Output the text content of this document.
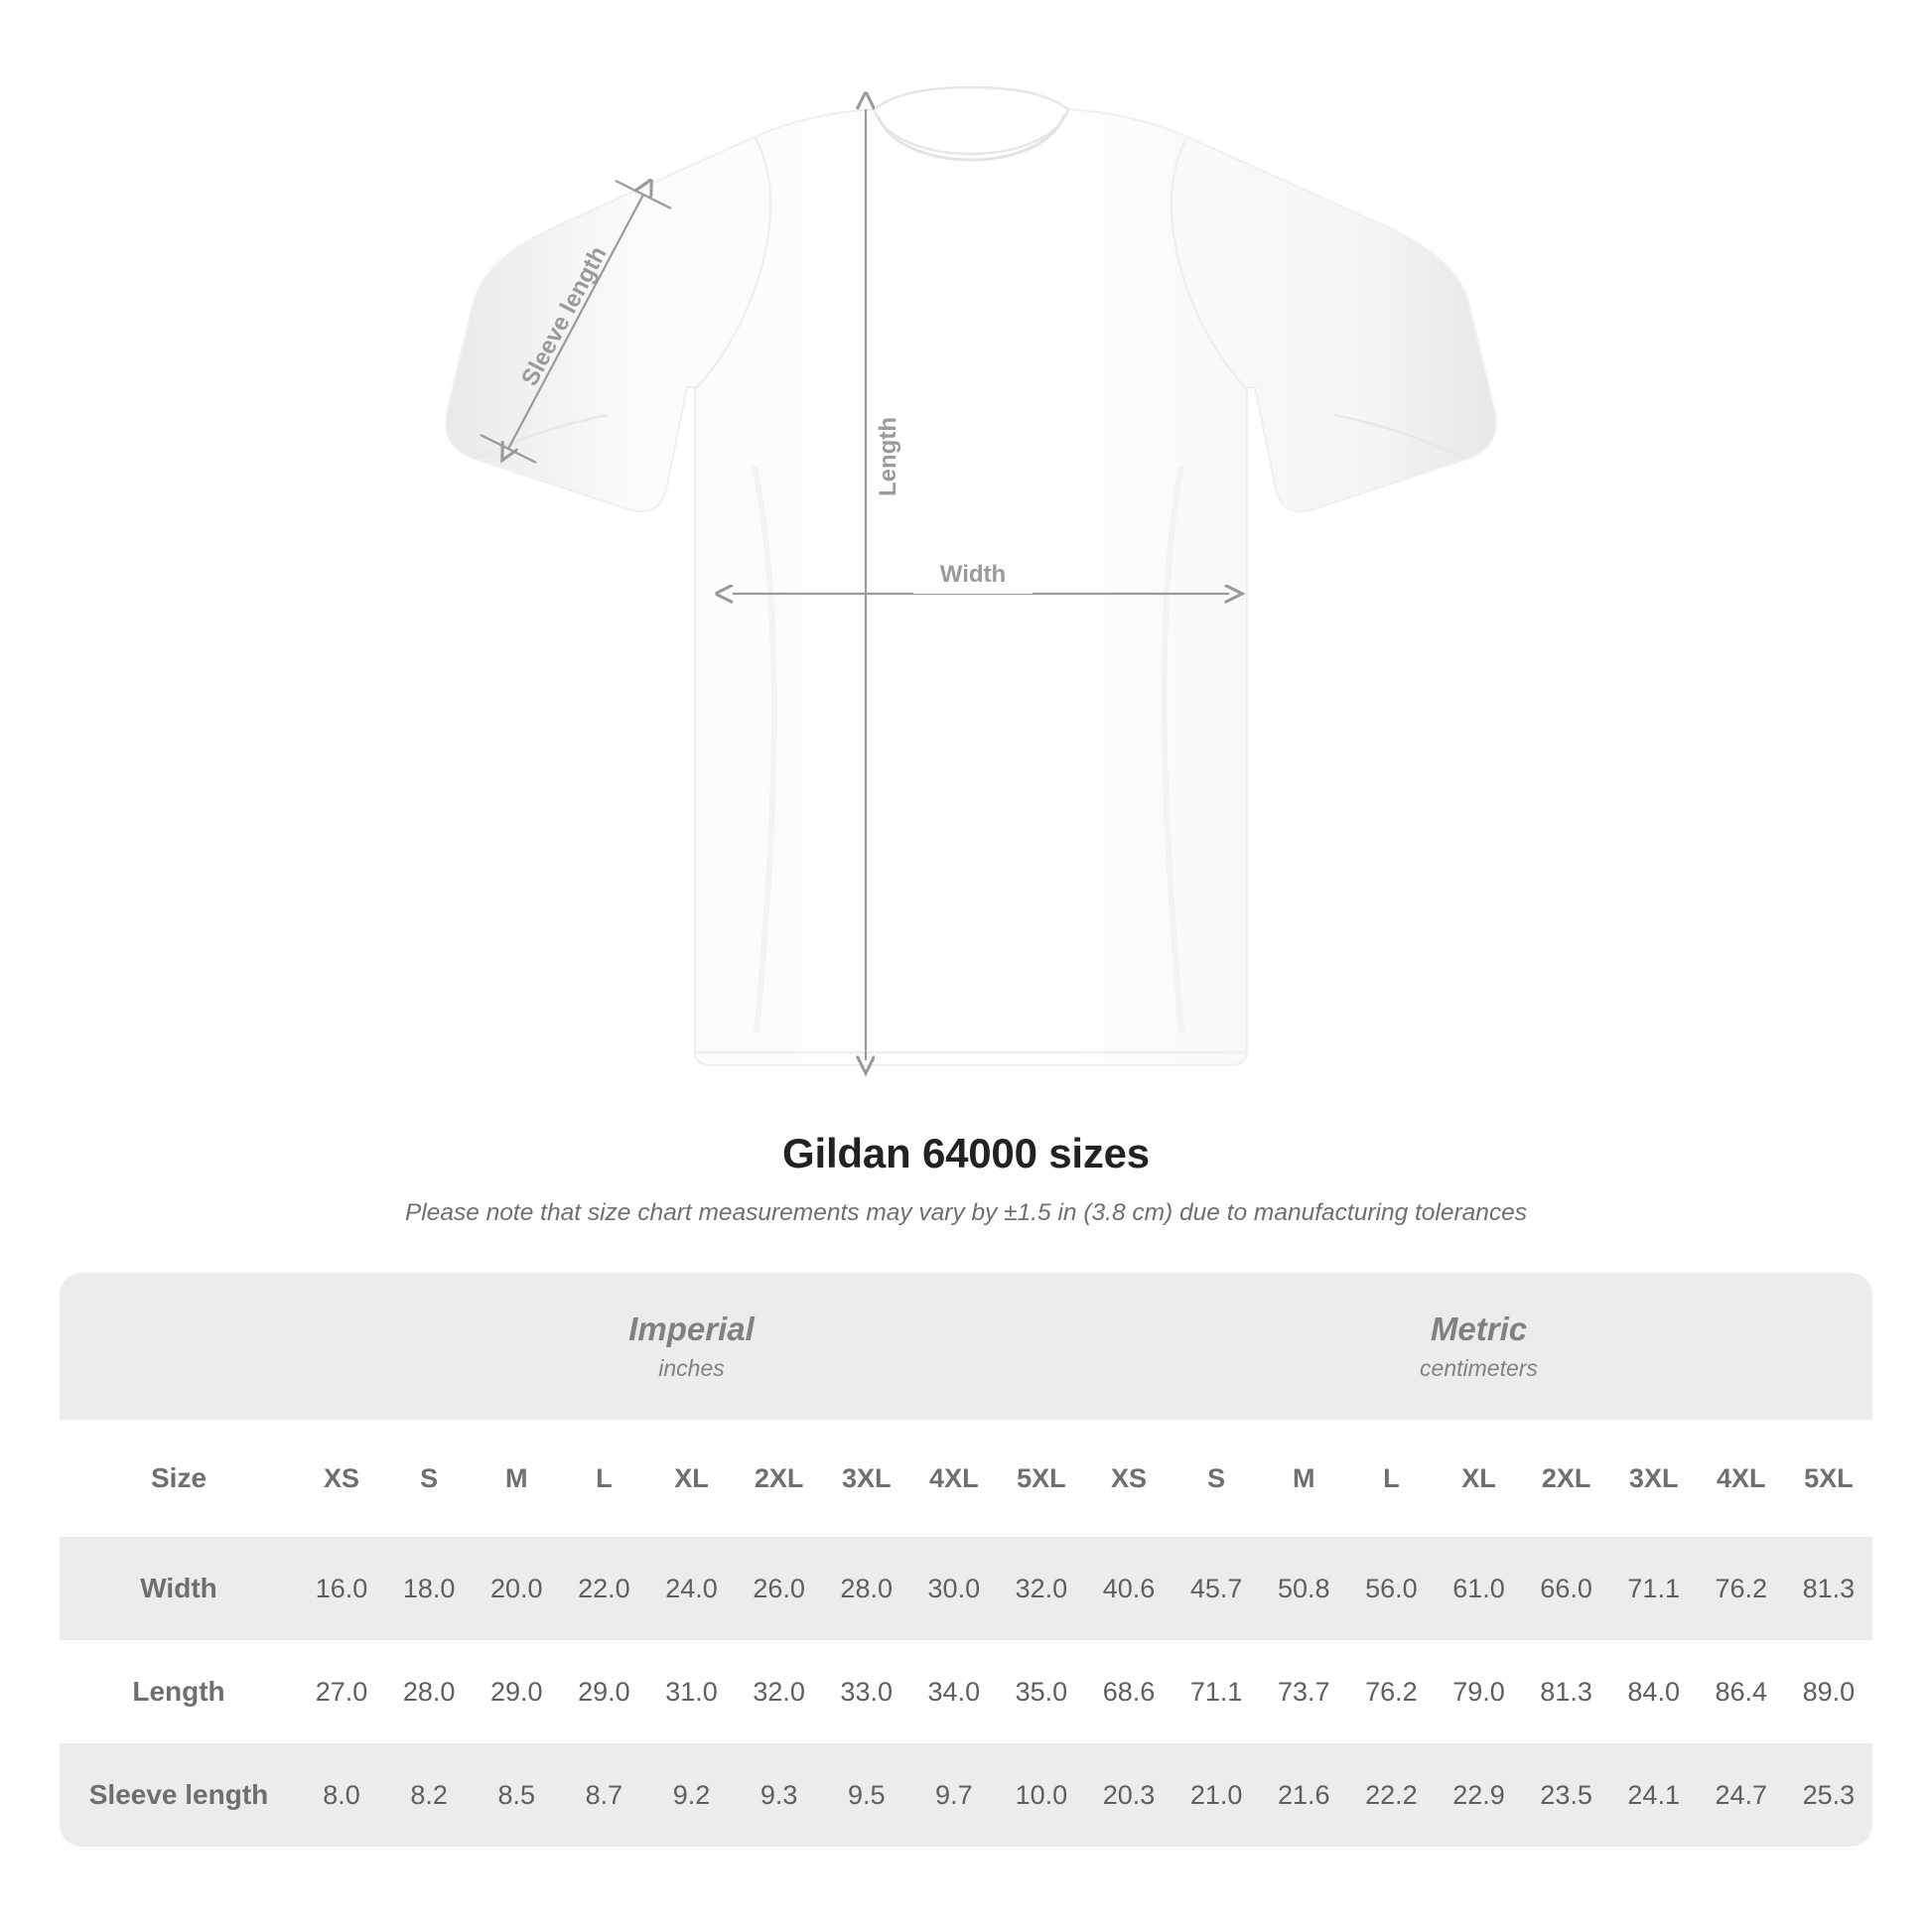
Length
Width
Sleeve length
Gildan 64000 sizes
Please note that size chart measurements may vary by ±1.5 in (3.8 cm) due to manufacturing tolerances

Imperial
inches

Metric
centimeters

Size	XS	S	M	L	XL	2XL	3XL	4XL	5XL	XS	S	M	L	XL	2XL	3XL	4XL	5XL
Width	16.0	18.0	20.0	22.0	24.0	26.0	28.0	30.0	32.0	40.6	45.7	50.8	56.0	61.0	66.0	71.1	76.2	81.3
Length	27.0	28.0	29.0	29.0	31.0	32.0	33.0	34.0	35.0	68.6	71.1	73.7	76.2	79.0	81.3	84.0	86.4	89.0
Sleeve length	8.0	8.2	8.5	8.7	9.2	9.3	9.5	9.7	10.0	20.3	21.0	21.6	22.2	22.9	23.5	24.1	24.7	25.3
